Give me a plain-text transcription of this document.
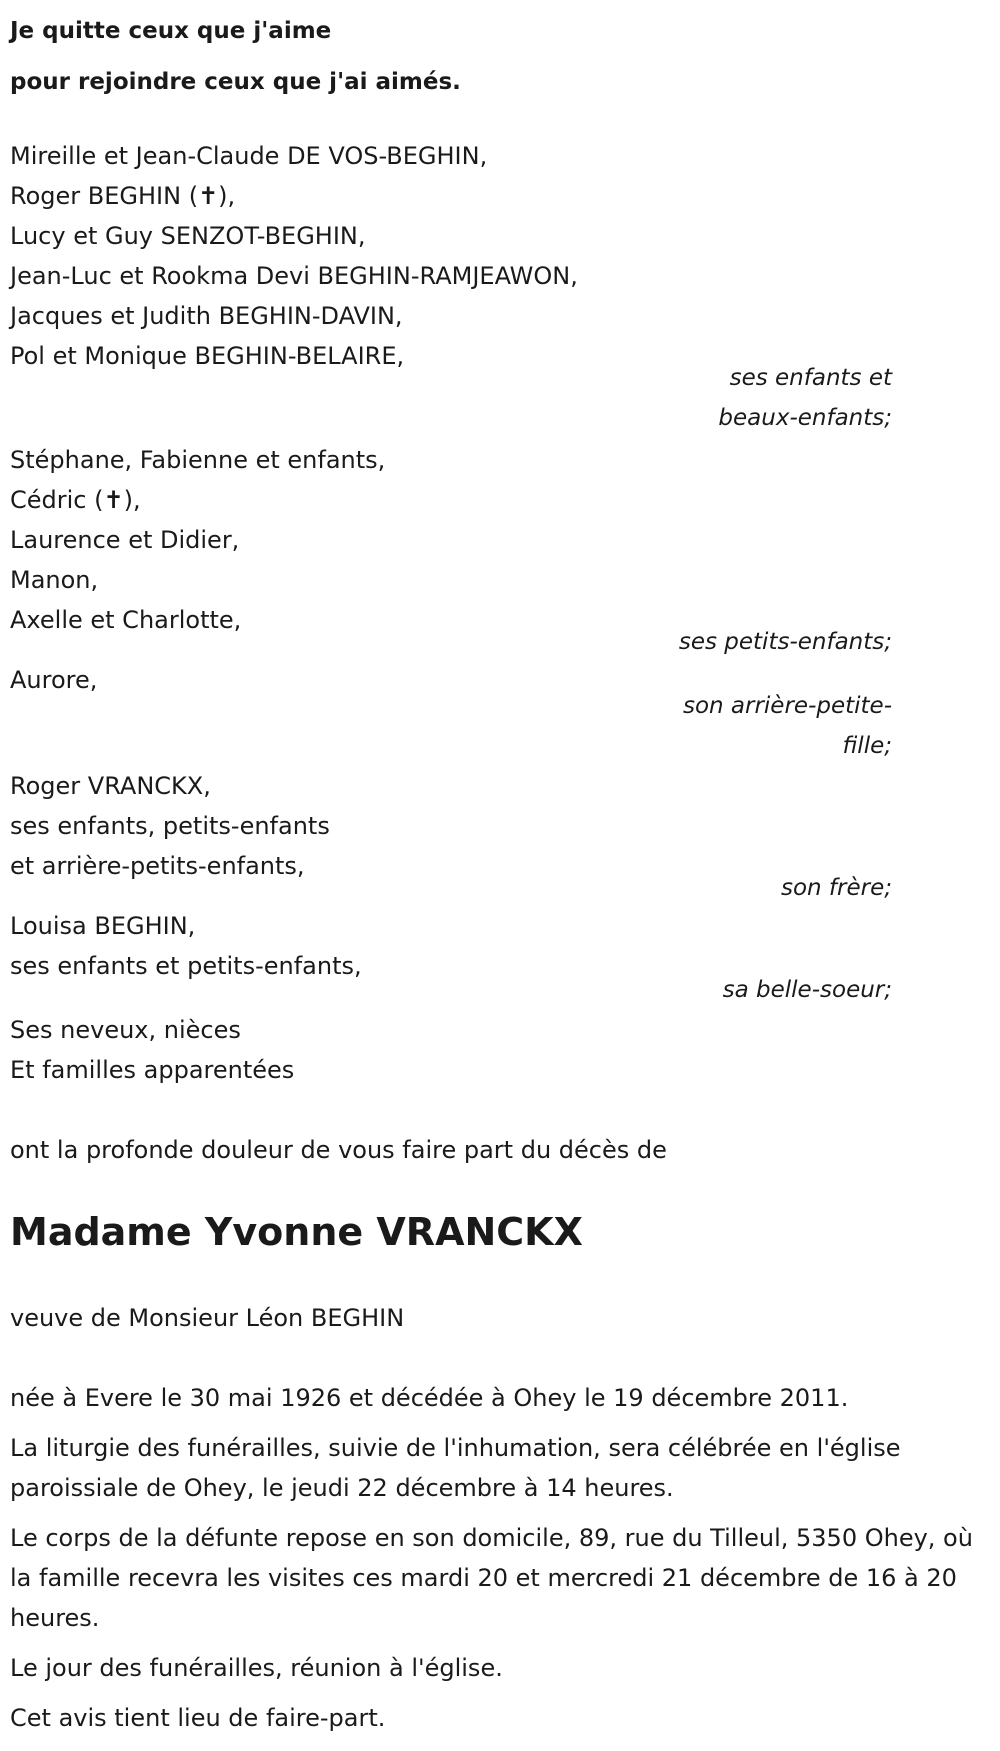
Je quitte ceux que j'aime
pour rejoindre ceux que j'ai aimés.
Mireille et Jean-Claude DE VOS-BEGHIN,
Roger BEGHIN (✝),
Lucy et Guy SENZOT-BEGHIN,
Jean-Luc et Rookma Devi BEGHIN-RAMJEAWON,
Jacques et Judith BEGHIN-DAVIN,
Pol et Monique BEGHIN-BELAIRE,
ses enfants et
beaux-enfants;
Stéphane, Fabienne et enfants,
Cédric (✝),
Laurence et Didier,
Manon,
Axelle et Charlotte,
ses petits-enfants;
Aurore,
son arrière-petite-
fille;
Roger VRANCKX,
ses enfants, petits-enfants
et arrière-petits-enfants,
son frère;
Louisa BEGHIN,
ses enfants et petits-enfants,
sa belle-soeur;
Ses neveux, nièces
Et familles apparentées
ont la profonde douleur de vous faire part du décès de
Madame Yvonne VRANCKX
veuve de Monsieur Léon BEGHIN
née à Evere le 30 mai 1926 et décédée à Ohey le 19 décembre 2011.
La liturgie des funérailles, suivie de l'inhumation, sera célébrée en l'église paroissiale de Ohey, le jeudi 22 décembre à 14 heures.
Le corps de la défunte repose en son domicile, 89, rue du Tilleul, 5350 Ohey, où la famille recevra les visites ces mardi 20 et mercredi 21 décembre de 16 à 20 heures.
Le jour des funérailles, réunion à l'église.
Cet avis tient lieu de faire-part.
